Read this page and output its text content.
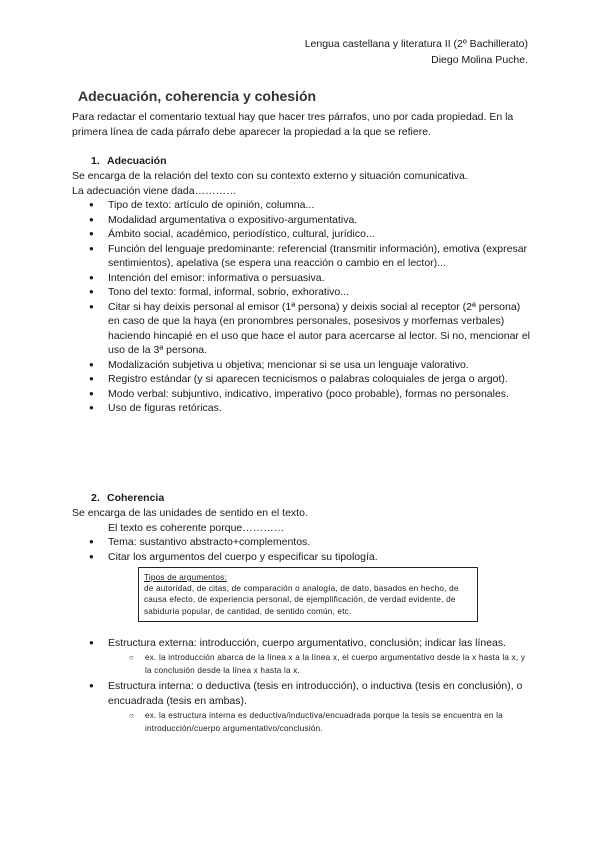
Lengua castellana y literatura II (2º Bachillerato)
Diego Molina Puche.
Adecuación, coherencia y cohesión
Para redactar el comentario textual hay que hacer tres párrafos, uno por cada propiedad. En la primera línea de cada párrafo debe aparecer la propiedad a la que se refiere.
1. Adecuación
Se encarga de la relación del texto con su contexto externo y situación comunicativa.
La adecuación viene dada…………
● Tipo de texto: artículo de opinión, columna...
● Modalidad argumentativa o expositivo-argumentativa.
● Ámbito social, académico, periodístico, cultural, jurídico...
● Función del lenguaje predominante: referencial (transmitir información), emotiva (expresar sentimientos), apelativa (se espera una reacción o cambio en el lector)...
● Intención del emisor: informativa o persuasiva.
● Tono del texto: formal, informal, sobrio, exhorativo...
● Citar si hay deixis personal al emisor (1ª persona) y deixis social al receptor (2ª persona) en caso de que la haya (en pronombres personales, posesivos y morfemas verbales) haciendo hincapié en el uso que hace el autor para acercarse al lector. Si no, mencionar el uso de la 3ª persona.
● Modalización subjetiva u objetiva; mencionar si se usa un lenguaje valorativo.
● Registro estándar (y si aparecen tecnicismos o palabras coloquiales de jerga o argot).
● Modo verbal: subjuntivo, indicativo, imperativo (poco probable), formas no personales.
● Uso de figuras retóricas.
2. Coherencia
Se encarga de las unidades de sentido en el texto.
El texto es coherente porque…………
● Tema: sustantivo abstracto+complementos.
● Citar los argumentos del cuerpo y especificar su tipología.
Tipos de argumentos:
de autoridad, de citas, de comparación o analogía, de dato, basados en hecho, de causa efecto, de experiencia personal, de ejemplificación, de verdad evidente, de sabiduría popular, de cantidad, de sentido común, etc.
● Estructura externa: introducción, cuerpo argumentativo, conclusión; indicar las líneas.
○ ex. la introducción abarca de la línea x a la línea x, el cuerpo argumentativo desde la x hasta la x, y la conclusión desde la línea x hasta la x.
● Estructura interna: o deductiva (tesis en introducción), o inductiva (tesis en conclusión), o encuadrada (tesis en ambas).
○ ex. la estructura interna es deductiva/inductiva/encuadrada porque la tesis se encuentra en la introducción/cuerpo argumentativo/conclusión.
